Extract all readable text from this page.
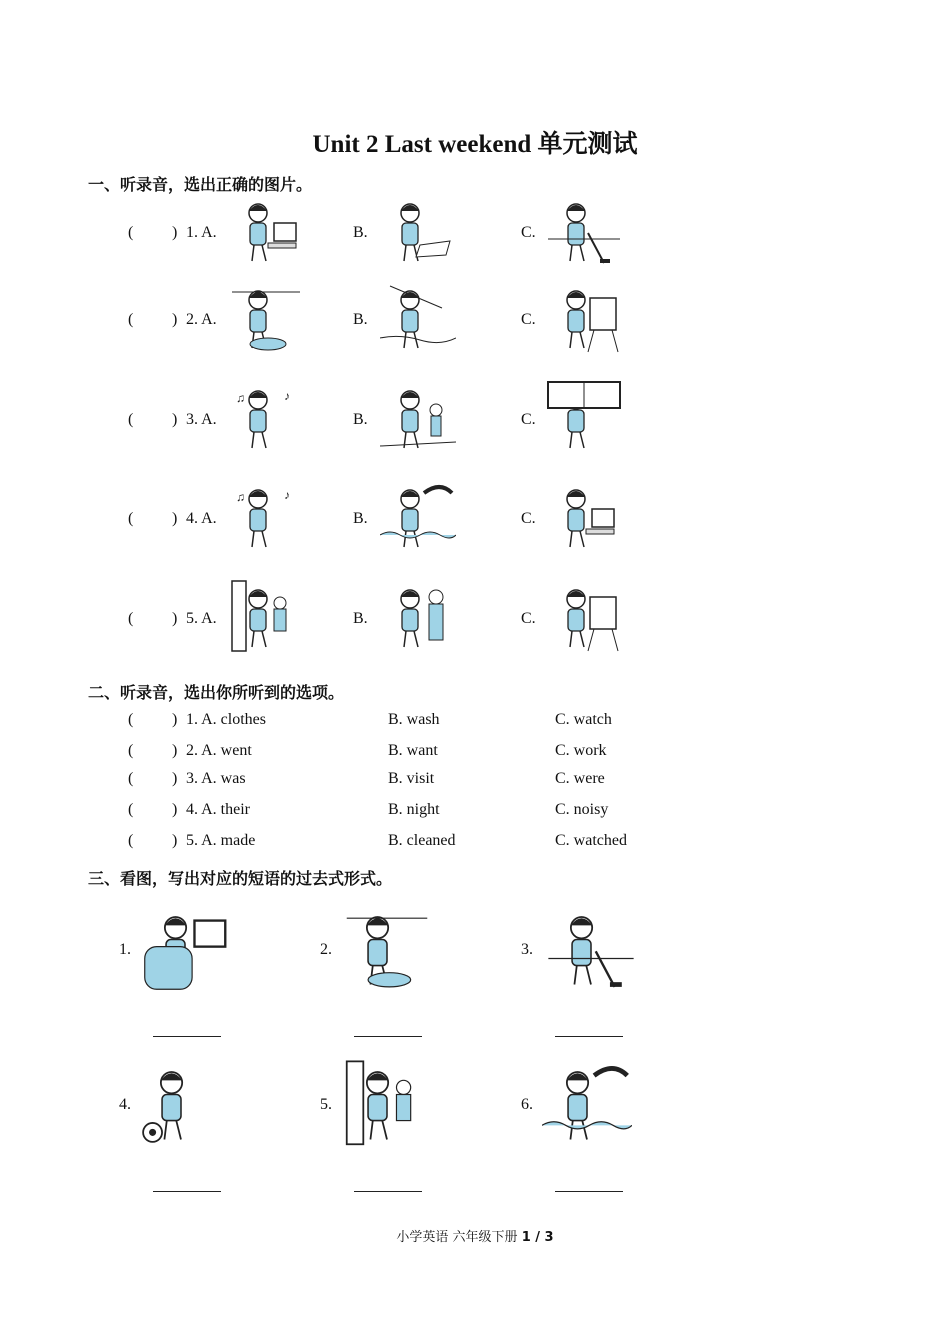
Unit 2 Last weekend 单元测试
一、听录音，选出正确的图片。
( ) 1. A.	B.	C.
( ) 2. A.	B.	C.
( ) 3. A.	B.	C.
♪
♫
( ) 4. A.	B.	C.
♪
♫
( ) 5. A.	B.	C.
二、听录音，选出你所听到的选项。
( ) 1. A. clothes	B. wash	C. watch
( ) 2. A. went	B. want	C. work
( ) 3. A. was	B. visit	C. were
( ) 4. A. their	B. night	C. noisy
( ) 5. A. made	B. cleaned	C. watched
三、看图，写出对应的短语的过去式形式。
1.	2.	3.
4.	5.	6.
小学英语 六年级下册 1 / 3
